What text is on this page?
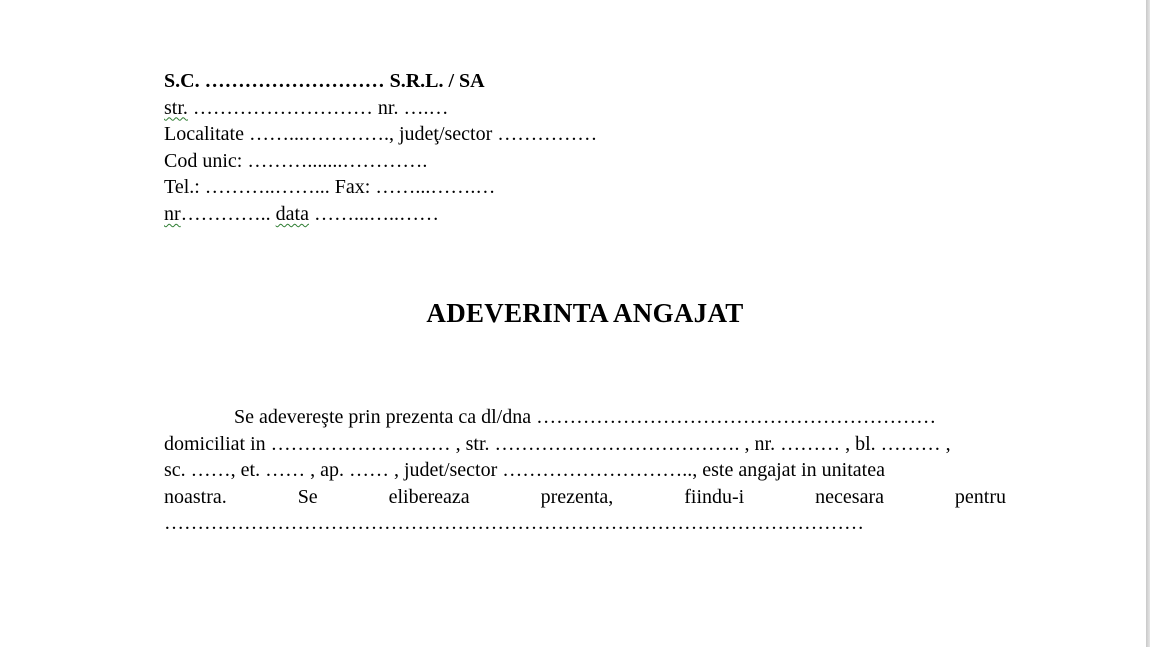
S.C. ……………………… S.R.L. / SA
str. ……………………… nr. ….…
Localitate ……...…………., judeţ/sector ……………
Cod unic: ……….......………….
Tel.: ………..……... Fax: ……...…….…
nr………….. data ……...…..……
ADEVERINTA ANGAJAT
Se adevereşte prin prezenta ca dl/dna ……………………………………………………
domiciliat in ……………………… , str. ………………………………. , nr. ……… , bl. ……… ,
sc. ……, et. …… , ap. …… , judet/sector ……………………….., este angajat in unitatea
noastra.	Se	elibereaza	prezenta,	fiindu-i	necesara	pentru
……………………………………………………………………………………………
